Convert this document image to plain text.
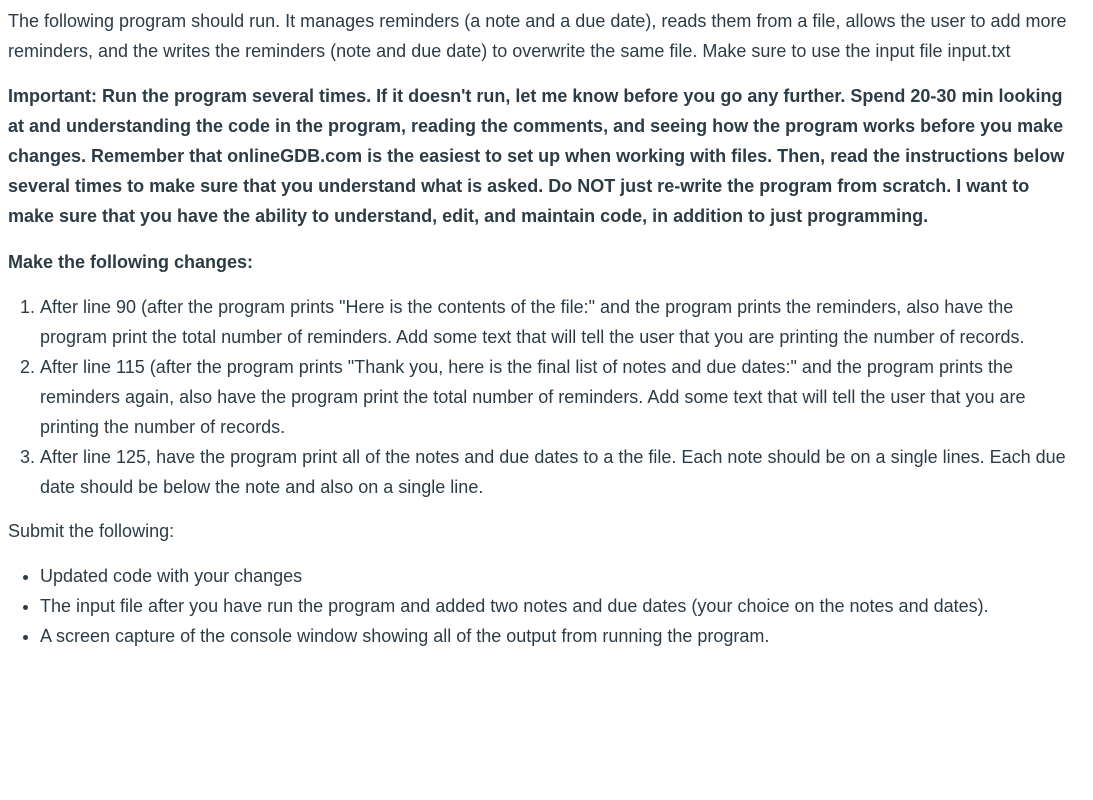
The following program should run. It manages reminders (a note and a due date), reads them from a file, allows the user to add more reminders, and the writes the reminders (note and due date) to overwrite the same file. Make sure to use the input file input.txt

Important: Run the program several times. If it doesn't run, let me know before you go any further. Spend 20-30 min looking at and understanding the code in the program, reading the comments, and seeing how the program works before you make changes. Remember that onlineGDB.com is the easiest to set up when working with files. Then, read the instructions below several times to make sure that you understand what is asked. Do NOT just re-write the program from scratch. I want to make sure that you have the ability to understand, edit, and maintain code, in addition to just programming.

Make the following changes:

1. After line 90 (after the program prints "Here is the contents of the file:" and the program prints the reminders, also have the program print the total number of reminders. Add some text that will tell the user that you are printing the number of records.
2. After line 115 (after the program prints "Thank you, here is the final list of notes and due dates:" and the program prints the reminders again, also have the program print the total number of reminders. Add some text that will tell the user that you are printing the number of records.
3. After line 125, have the program print all of the notes and due dates to a the file. Each note should be on a single lines. Each due date should be below the note and also on a single line.

Submit the following:

• Updated code with your changes
• The input file after you have run the program and added two notes and due dates (your choice on the notes and dates).
• A screen capture of the console window showing all of the output from running the program.
